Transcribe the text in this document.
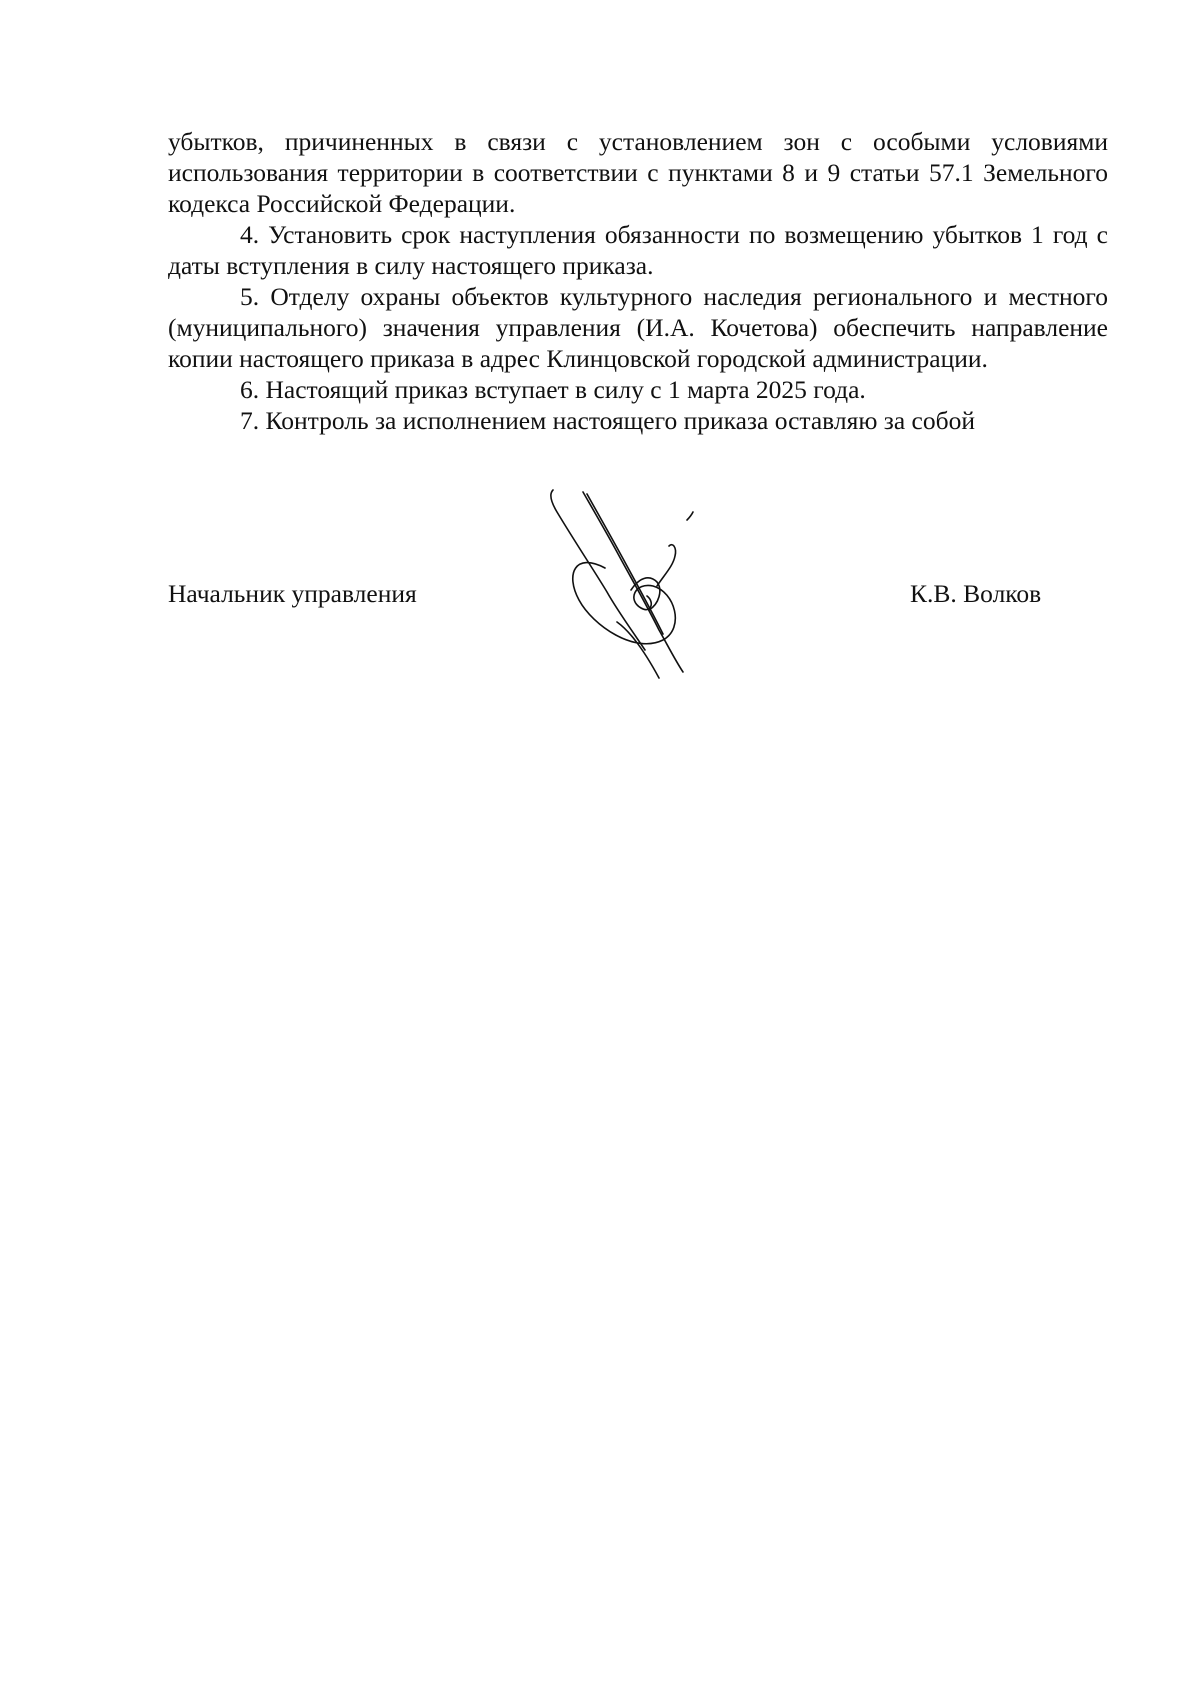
убытков, причиненных в связи с установлением зон с особыми условиями использования территории в соответствии с пунктами 8 и 9 статьи 57.1 Земельного кодекса Российской Федерации.

4. Установить срок наступления обязанности по возмещению убытков 1 год с даты вступления в силу настоящего приказа.

5. Отделу охраны объектов культурного наследия регионального и местного (муниципального) значения управления (И.А. Кочетова) обеспечить направление копии настоящего приказа в адрес Клинцовской городской администрации.

6. Настоящий приказ вступает в силу с 1 марта 2025 года.

7. Контроль за исполнением настоящего приказа оставляю за собой

Начальник управления	К.В. Волков
